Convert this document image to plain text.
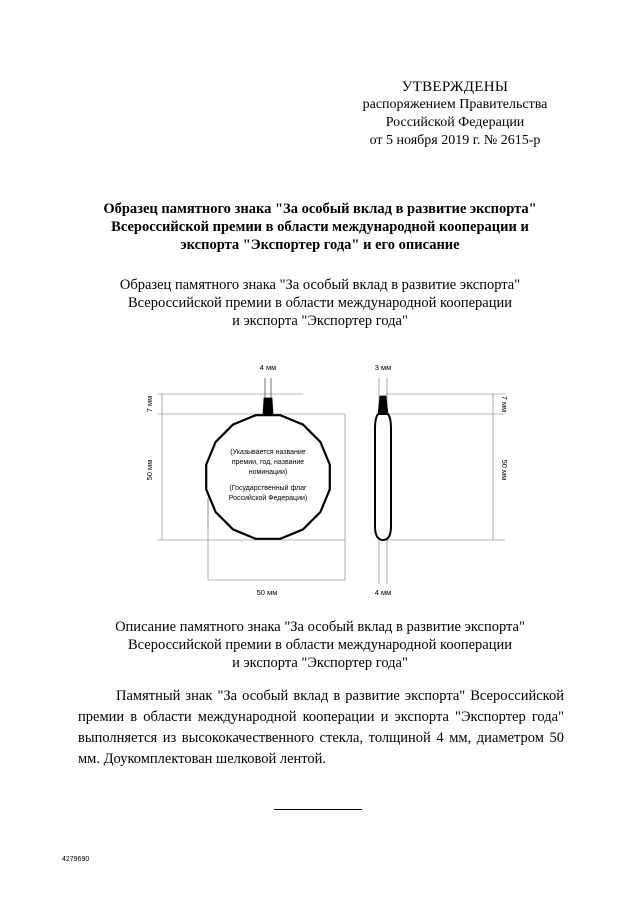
УТВЕРЖДЕНЫ
распоряжением Правительства
Российской Федерации
от 5 ноября 2019 г. № 2615-р
Образец памятного знака "За особый вклад в развитие экспорта"
Всероссийской премии в области международной кооперации и
экспорта "Экспортер года" и его описание
Образец памятного знака "За особый вклад в развитие экспорта"
Всероссийской премии в области международной кооперации
и экспорта "Экспортер года"
4 мм
7 мм
50 мм
50 мм
(Указывается название
премии, год, название
номинации)
(Государственный флаг
Российской Федерации)
3 мм
7 мм
50 мм
4 мм
Описание памятного знака "За особый вклад в развитие экспорта"
Всероссийской премии в области международной кооперации
и экспорта "Экспортер года"
Памятный знак "За особый вклад в развитие экспорта" Всероссийской премии в области международной кооперации и экспорта "Экспортер года" выполняется из высококачественного стекла, толщиной 4 мм, диаметром 50 мм. Доукомплектован шелковой лентой.
4279690
